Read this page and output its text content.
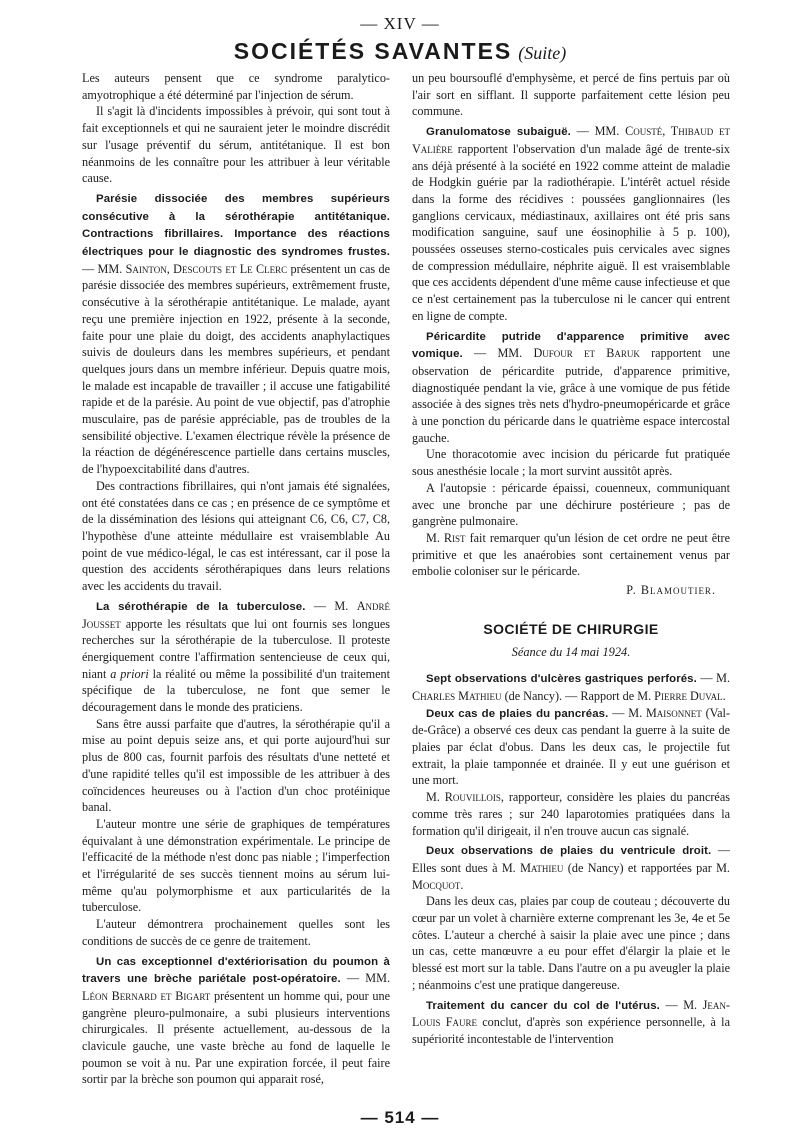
— XIV —
SOCIÉTÉS SAVANTES (Suite)

Les auteurs pensent que ce syndrome paralytico-amyotrophique a été déterminé par l'injection de sérum.

Il s'agit là d'incidents impossibles à prévoir, qui sont tout à fait exceptionnels et qui ne sauraient jeter le moindre discrédit sur l'usage préventif du sérum, antitétanique. Il est bon néanmoins de les connaître pour les attribuer à leur véritable cause.

Parésie dissociée des membres supérieurs consécutive à la sérothérapie antitétanique. Contractions fibrillaires. Importance des réactions électriques pour le diagnostic des syndromes frustes. — MM. Sainton, Descouts et Le Clerc présentent un cas de parésie dissociée des membres supérieurs, extrêmement fruste, consécutive à la sérothérapie antitétanique. Le malade, ayant reçu une première injection en 1922, présente à la seconde, faite pour une plaie du doigt, des accidents anaphylactiques suivis de douleurs dans les membres supérieurs, et pendant quelques jours dans un membre inférieur. Depuis quatre mois, le malade est incapable de travailler ; il accuse une fatigabilité rapide et de la parésie. Au point de vue objectif, pas d'atrophie musculaire, pas de parésie appréciable, pas de troubles de la sensibilité objective. L'examen électrique révèle la présence de la réaction de dégénérescence partielle dans certains muscles, de l'hypoexcitabilité dans d'autres.

Des contractions fibrillaires, qui n'ont jamais été signalées, ont été constatées dans ce cas ; en présence de ce symptôme et de la dissémination des lésions qui atteignant C6, C6, C7, C8, l'hypothèse d'une atteinte médullaire est vraisemblable Au point de vue médico-légal, le cas est intéressant, car il pose la question des accidents sérothérapiques dans leurs relations avec les accidents du travail.

La sérothérapie de la tuberculose. — M. André Jousset apporte les résultats que lui ont fournis ses longues recherches sur la sérothérapie de la tuberculose. Il proteste énergiquement contre l'affirmation sentencieuse de ceux qui, niant a priori la réalité ou même la possibilité d'un traitement spécifique de la tuberculose, ne font que semer le découragement dans le monde des praticiens.

Sans être aussi parfaite que d'autres, la sérothérapie qu'il a mise au point depuis seize ans, et qui porte aujourd'hui sur plus de 800 cas, fournit parfois des résultats d'une netteté et d'une rapidité telles qu'il est impossible de les attribuer à des coïncidences heureuses ou à l'action d'un choc protéinique banal.

L'auteur montre une série de graphiques de températures équivalant à une démonstration expérimentale. Le principe de l'efficacité de la méthode n'est donc pas niable ; l'imperfection et l'irrégularité de ses succès tiennent moins au sérum lui-même qu'au polymorphisme et aux particularités de la tuberculose.

L'auteur démontrera prochainement quelles sont les conditions de succès de ce genre de traitement.

Un cas exceptionnel d'extériorisation du poumon à travers une brèche pariétale post-opératoire. — MM. Léon Bernard et Bigart présentent un homme qui, pour une gangrène pleuro-pulmonaire, a subi plusieurs interventions chirurgicales. Il présente actuellement, au-dessous de la clavicule gauche, une vaste brèche au fond de laquelle le poumon se voit à nu. Par une expiration forcée, il peut faire sortir par la brèche son poumon qui apparait rosé,

un peu boursouflé d'emphysème, et percé de fins pertuis par où l'air sort en sifflant. Il supporte parfaitement cette lésion peu commune.

Granulomatose subaiguë. — MM. Cousté, Thibaud et Valière rapportent l'observation d'un malade âgé de trente-six ans déjà présenté à la société en 1922 comme atteint de maladie de Hodgkin guérie par la radiothérapie. L'intérêt actuel réside dans la forme des récidives : poussées ganglionnaires (les ganglions cervicaux, médiastinaux, axillaires ont été pris sans modification sanguine, sauf une éosinophilie à 5 p. 100), poussées osseuses sterno-costicales puis cervicales avec signes de compression médullaire, néphrite aiguë. Il est vraisemblable que ces accidents dépendent d'une même cause infectieuse et que ce n'est certainement pas la tuberculose ni le cancer qui entrent en ligne de compte.

Péricardite putride d'apparence primitive avec vomique. — MM. Dufour et Baruk rapportent une observation de péricardite putride, d'apparence primitive, diagnostiquée pendant la vie, grâce à une vomique de pus fétide associée à des signes très nets d'hydro-pneumopéricarde et grâce à une ponction du péricarde dans le quatrième espace intercostal gauche.

Une thoracotomie avec incision du péricarde fut pratiquée sous anesthésie locale ; la mort survint aussitôt après.

A l'autopsie : péricarde épaissi, couenneux, communiquant avec une bronche par une déchirure postérieure ; pas de gangrène pulmonaire.

M. Rist fait remarquer qu'un lésion de cet ordre ne peut être primitive et que les anaérobies sont certainement venus par embolie coloniser sur le péricarde.

P. Blamoutier.
SOCIÉTÉ DE CHIRURGIE
Séance du 14 mai 1924.

Sept observations d'ulcères gastriques perforés. — M. Charles Mathieu (de Nancy). — Rapport de M. Pierre Duval.

Deux cas de plaies du pancréas. — M. Maisonnet (Val-de-Grâce) a observé ces deux cas pendant la guerre à la suite de plaies par éclat d'obus. Dans les deux cas, le projectile fut extrait, la plaie tamponnée et drainée. Il y eut une guérison et une mort.

M. Rouvillois, rapporteur, considère les plaies du pancréas comme très rares ; sur 240 laparotomies pratiquées dans la formation qu'il dirigeait, il n'en trouve aucun cas signalé.

Deux observations de plaies du ventricule droit. — Elles sont dues à M. Mathieu (de Nancy) et rapportées par M. Mocquot.

Dans les deux cas, plaies par coup de couteau ; découverte du cœur par un volet à charnière externe comprenant les 3e, 4e et 5e côtes. L'auteur a cherché à saisir la plaie avec une pince ; dans un cas, cette manœuvre a eu pour effet d'élargir la plaie et le blessé est mort sur la table. Dans l'autre on a pu aveugler la plaie ; néanmoins c'est une pratique dangereuse.

Traitement du cancer du col de l'utérus. — M. Jean-Louis Faure conclut, d'après son expérience personnelle, à la supériorité incontestable de l'intervention

— 514 —
